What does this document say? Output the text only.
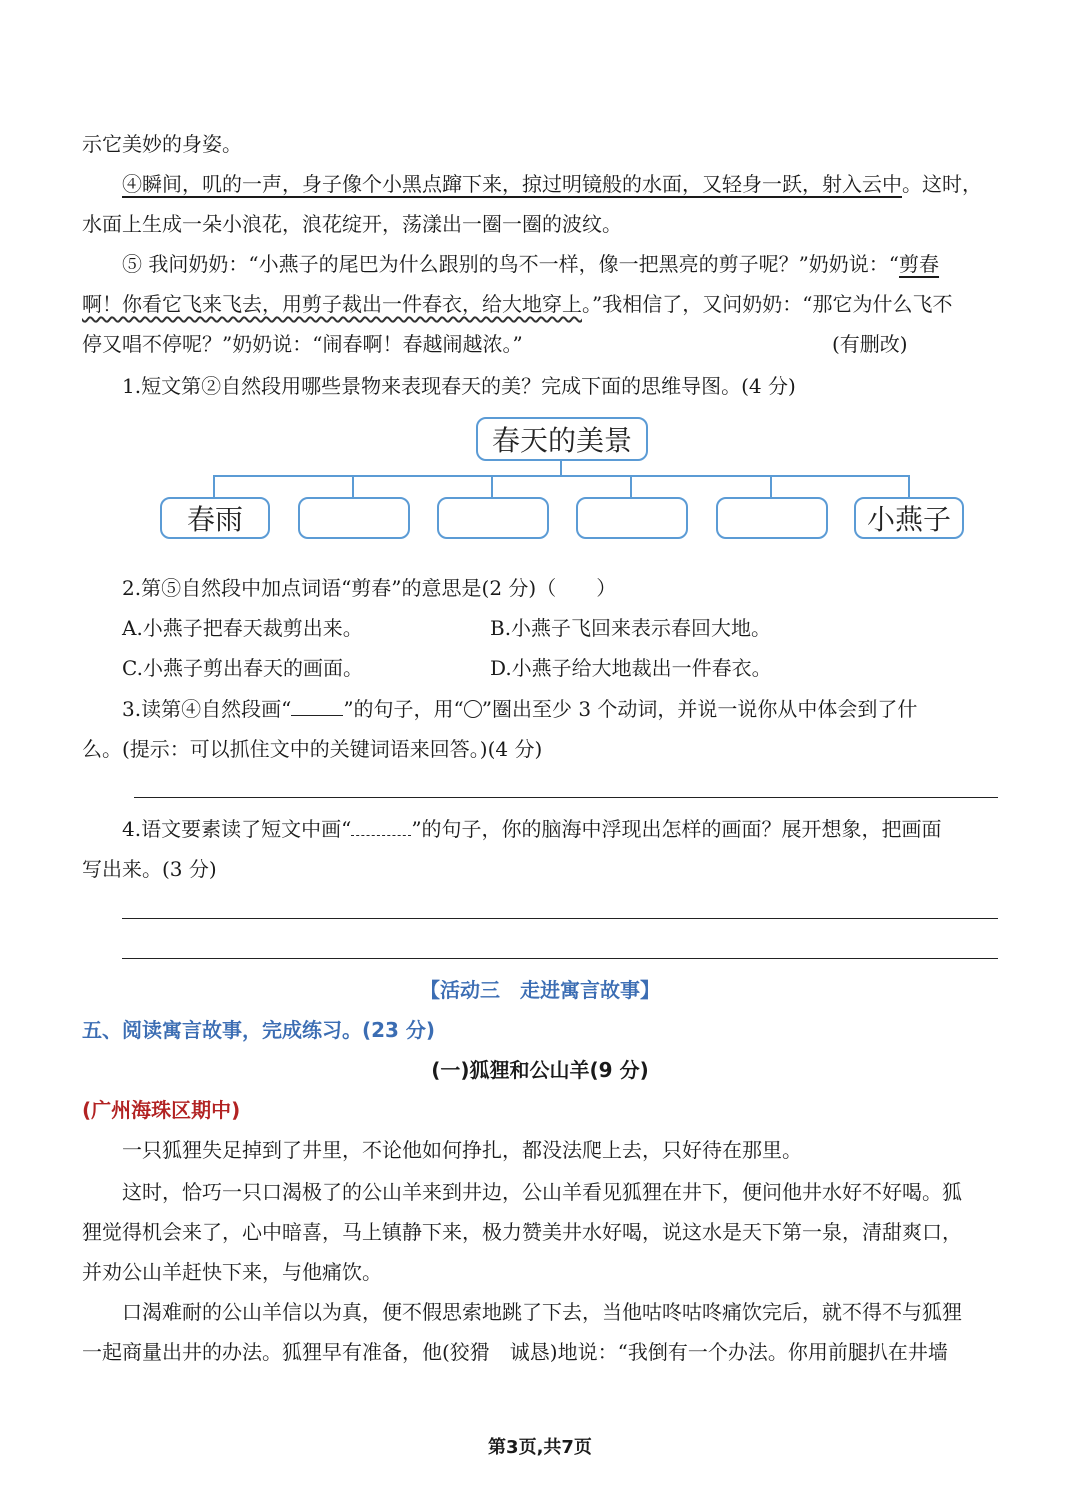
示它美妙的身姿。
④瞬间，叽的一声，身子像个小黑点蹿下来，掠过明镜般的水面，又轻身一跃，射入云中。这时，
水面上生成一朵小浪花，浪花绽开，荡漾出一圈一圈的波纹。
⑤ 我问奶奶：“小燕子的尾巴为什么跟别的鸟不一样，像一把黑亮的剪子呢？”奶奶说：“剪春
啊！你看它飞来飞去，用剪子裁出一件春衣，给大地穿上。”我相信了，又问奶奶：“那它为什么飞不
停又唱不停呢？”奶奶说：“闹春啊！春越闹越浓。”	(有删改)
1.短文第②自然段用哪些景物来表现春天的美？完成下面的思维导图。(4 分)
春天的美景
春雨	小燕子
2.第⑤自然段中加点词语“剪春”的意思是(2 分)（ ）
A.小燕子把春天裁剪出来。	B.小燕子飞回来表示春回大地。
C.小燕子剪出春天的画面。	D.小燕子给大地裁出一件春衣。
3.读第④自然段画“	”的句子，用“ ”圈出至少 3 个动词，并说一说你从中体会到了什
么。(提示：可以抓住文中的关键词语来回答。)(4 分)
4.语文要素读了短文中画“	”的句子，你的脑海中浮现出怎样的画面？展开想象，把画面
写出来。(3 分)
【活动三　走进寓言故事】
五、阅读寓言故事，完成练习。(23 分)
(一)狐狸和公山羊(9 分)
(广州海珠区期中)
一只狐狸失足掉到了井里，不论他如何挣扎，都没法爬上去，只好待在那里。
这时，恰巧一只口渴极了的公山羊来到井边，公山羊看见狐狸在井下，便问他井水好不好喝。狐
狸觉得机会来了，心中暗喜，马上镇静下来，极力赞美井水好喝，说这水是天下第一泉，清甜爽口，
并劝公山羊赶快下来，与他痛饮。
口渴难耐的公山羊信以为真，便不假思索地跳了下去，当他咕咚咕咚痛饮完后，就不得不与狐狸
一起商量出井的办法。狐狸早有准备，他(狡猾　诚恳)地说：“我倒有一个办法。你用前腿扒在井墙
第3页,共7页
